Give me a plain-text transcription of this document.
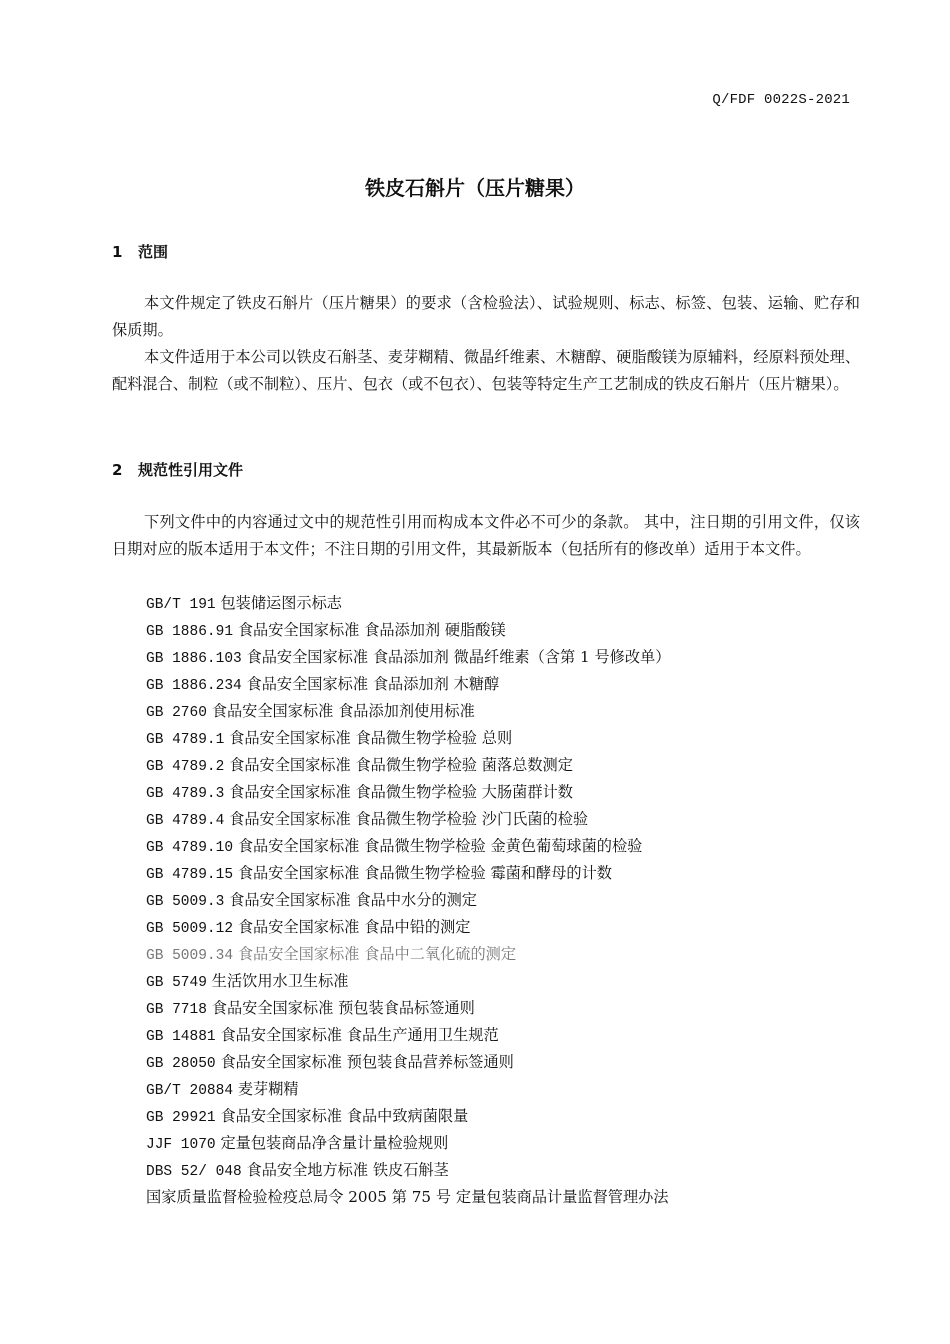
Q/FDF 0022S-2021
铁皮石斛片（压片糖果）
1 范围

本文件规定了铁皮石斛片（压片糖果）的要求（含检验法）、试验规则、标志、标签、包装、运输、贮存和保质期。

本文件适用于本公司以铁皮石斛茎、麦芽糊精、微晶纤维素、木糖醇、硬脂酸镁为原辅料，经原料预处理、配料混合、制粒（或不制粒）、压片、包衣（或不包衣）、包装等特定生产工艺制成的铁皮石斛片（压片糖果）。

2 规范性引用文件

下列文件中的内容通过文中的规范性引用而构成本文件必不可少的条款。 其中，注日期的引用文件，仅该日期对应的版本适用于本文件；不注日期的引用文件，其最新版本（包括所有的修改单）适用于本文件。

GB/T 191 包装储运图示标志
GB 1886.91 食品安全国家标准 食品添加剂 硬脂酸镁
GB 1886.103 食品安全国家标准 食品添加剂 微晶纤维素（含第 1 号修改单）
GB 1886.234 食品安全国家标准 食品添加剂 木糖醇
GB 2760 食品安全国家标准 食品添加剂使用标准
GB 4789.1 食品安全国家标准 食品微生物学检验 总则
GB 4789.2 食品安全国家标准 食品微生物学检验 菌落总数测定
GB 4789.3 食品安全国家标准 食品微生物学检验 大肠菌群计数
GB 4789.4 食品安全国家标准 食品微生物学检验 沙门氏菌的检验
GB 4789.10 食品安全国家标准 食品微生物学检验 金黄色葡萄球菌的检验
GB 4789.15 食品安全国家标准 食品微生物学检验 霉菌和酵母的计数
GB 5009.3 食品安全国家标准 食品中水分的测定
GB 5009.12 食品安全国家标准 食品中铅的测定
GB 5009.34 食品安全国家标准 食品中二氧化硫的测定
GB 5749 生活饮用水卫生标准
GB 7718 食品安全国家标准 预包装食品标签通则
GB 14881 食品安全国家标准 食品生产通用卫生规范
GB 28050 食品安全国家标准 预包装食品营养标签通则
GB/T 20884 麦芽糊精
GB 29921 食品安全国家标准 食品中致病菌限量
JJF 1070 定量包装商品净含量计量检验规则
DBS 52/ 048 食品安全地方标准 铁皮石斛茎
国家质量监督检验检疫总局令 2005 第 75 号 定量包装商品计量监督管理办法
